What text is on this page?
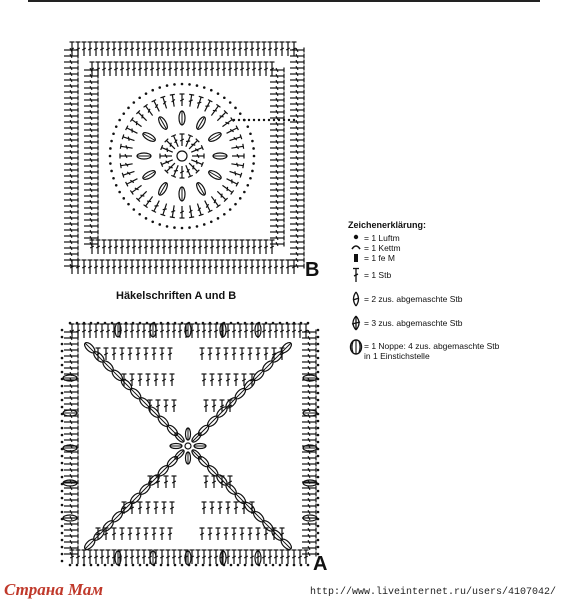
B
Häkelschriften A und B
A
Zeichenerklärung:
= 1 Luftm
= 1 Kettm
= 1 fe M
= 1 Stb
= 2 zus. abgemaschte Stb
= 3 zus. abgemaschte Stb
= 1 Noppe: 4 zus. abgemaschte Stb
in 1 Einstichstelle
Страна Мам	http://www.liveinternet.ru/users/4107042/
